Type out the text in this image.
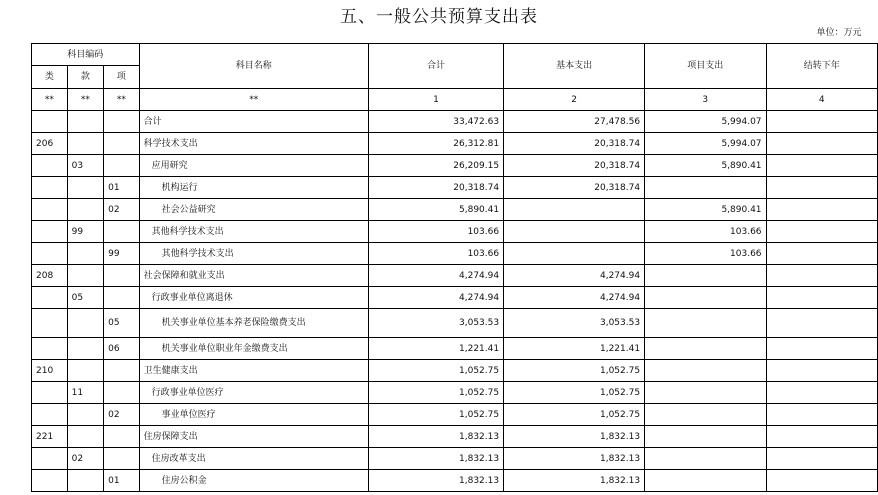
五、一般公共预算支出表
							单位：万元
科目编码			科目名称	合计	基本支出	项目支出	结转下年
类	款	项					
**	**	**	**	1	2	3	4
			合计	33,472.63	27,478.56	5,994.07	
206			科学技术支出	26,312.81	20,318.74	5,994.07	
	03		应用研究	26,209.15	20,318.74	5,890.41	
		01	机构运行	20,318.74	20,318.74		
		02	社会公益研究	5,890.41		5,890.41	
	99		其他科学技术支出	103.66		103.66	
		99	其他科学技术支出	103.66		103.66	
208			社会保障和就业支出	4,274.94	4,274.94		
	05		行政事业单位离退休	4,274.94	4,274.94		
		05	机关事业单位基本养老保险缴费支出	3,053.53	3,053.53		
		06	机关事业单位职业年金缴费支出	1,221.41	1,221.41		
210			卫生健康支出	1,052.75	1,052.75		
	11		行政事业单位医疗	1,052.75	1,052.75		
		02	事业单位医疗	1,052.75	1,052.75		
221			住房保障支出	1,832.13	1,832.13		
	02		住房改革支出	1,832.13	1,832.13		
		01	住房公积金	1,832.13	1,832.13		
